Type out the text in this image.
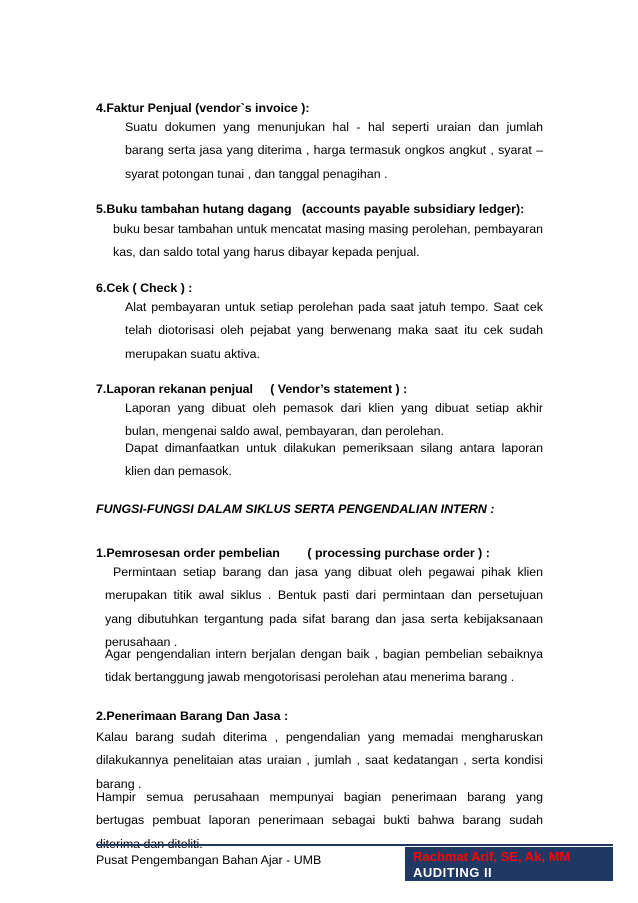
4.Faktur Penjual (vendor`s invoice ):
Suatu dokumen yang menunjukan hal - hal seperti uraian dan jumlah barang serta jasa yang diterima , harga termasuk ongkos angkut , syarat – syarat potongan tunai , dan tanggal penagihan .
5.Buku tambahan hutang dagang   (accounts payable subsidiary ledger):
buku besar tambahan untuk mencatat masing masing perolehan, pembayaran kas, dan saldo total yang harus dibayar kepada penjual.
6.Cek ( Check ) :
Alat pembayaran untuk setiap perolehan pada saat jatuh tempo. Saat cek telah diotorisasi oleh pejabat yang berwenang maka saat itu cek sudah merupakan suatu aktiva.
7.Laporan rekanan penjual     ( Vendor’s statement ) :
Laporan yang dibuat oleh pemasok dari klien yang dibuat setiap akhir bulan, mengenai saldo awal, pembayaran, dan perolehan.
Dapat dimanfaatkan untuk dilakukan pemeriksaan silang antara laporan klien dan pemasok.
FUNGSI-FUNGSI DALAM SIKLUS SERTA PENGENDALIAN INTERN :
1.Pemrosesan order pembelian        ( processing purchase order ) :
Permintaan setiap barang dan jasa yang dibuat oleh pegawai pihak klien merupakan titik awal siklus . Bentuk pasti dari permintaan dan persetujuan yang dibutuhkan tergantung pada sifat barang dan jasa serta kebijaksanaan perusahaan .
Agar pengendalian intern berjalan dengan baik , bagian pembelian sebaiknya tidak bertanggung jawab mengotorisasi perolehan atau menerima barang .
2.Penerimaan Barang Dan Jasa :
Kalau barang sudah diterima , pengendalian yang memadai mengharuskan dilakukannya penelitaian atas uraian , jumlah , saat kedatangan , serta kondisi barang .
Hampir semua perusahaan mempunyai bagian penerimaan barang yang bertugas pembuat laporan penerimaan sebagai bukti bahwa barang sudah
Pusat Pengembangan Bahan Ajar - UMB	Rachmat Arif, SE, Ak, MM
AUDITING II
